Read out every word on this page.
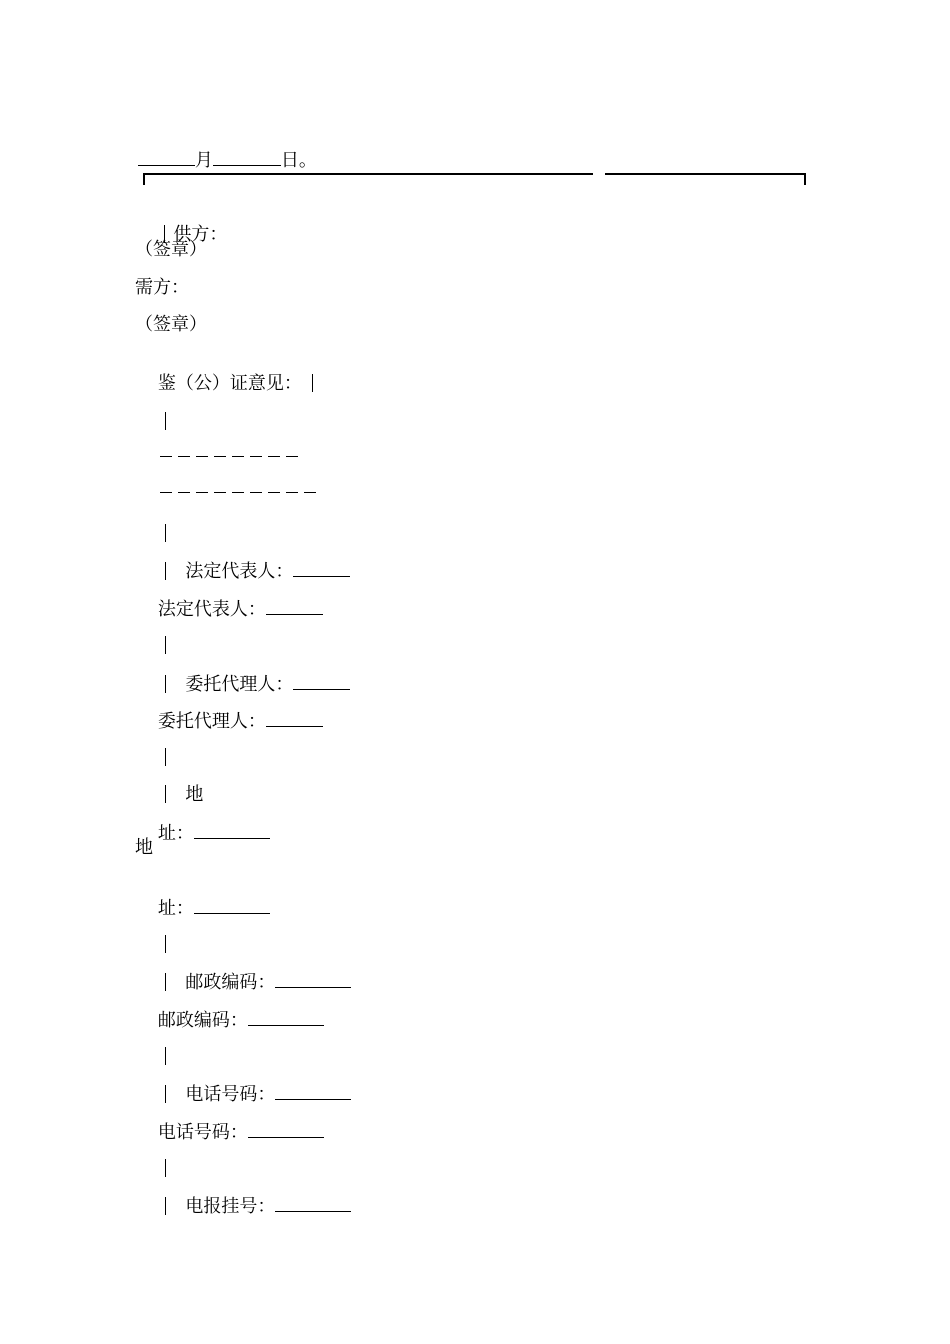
月	日。

供方：

（签章）
需方：
（签章）

鉴（公）证意见：

法定代表人：

法定代表人：

委托代理人：

委托代理人：

地

址：

地

址：

邮政编码：

邮政编码：

电话号码：

电话号码：

电报挂号：
